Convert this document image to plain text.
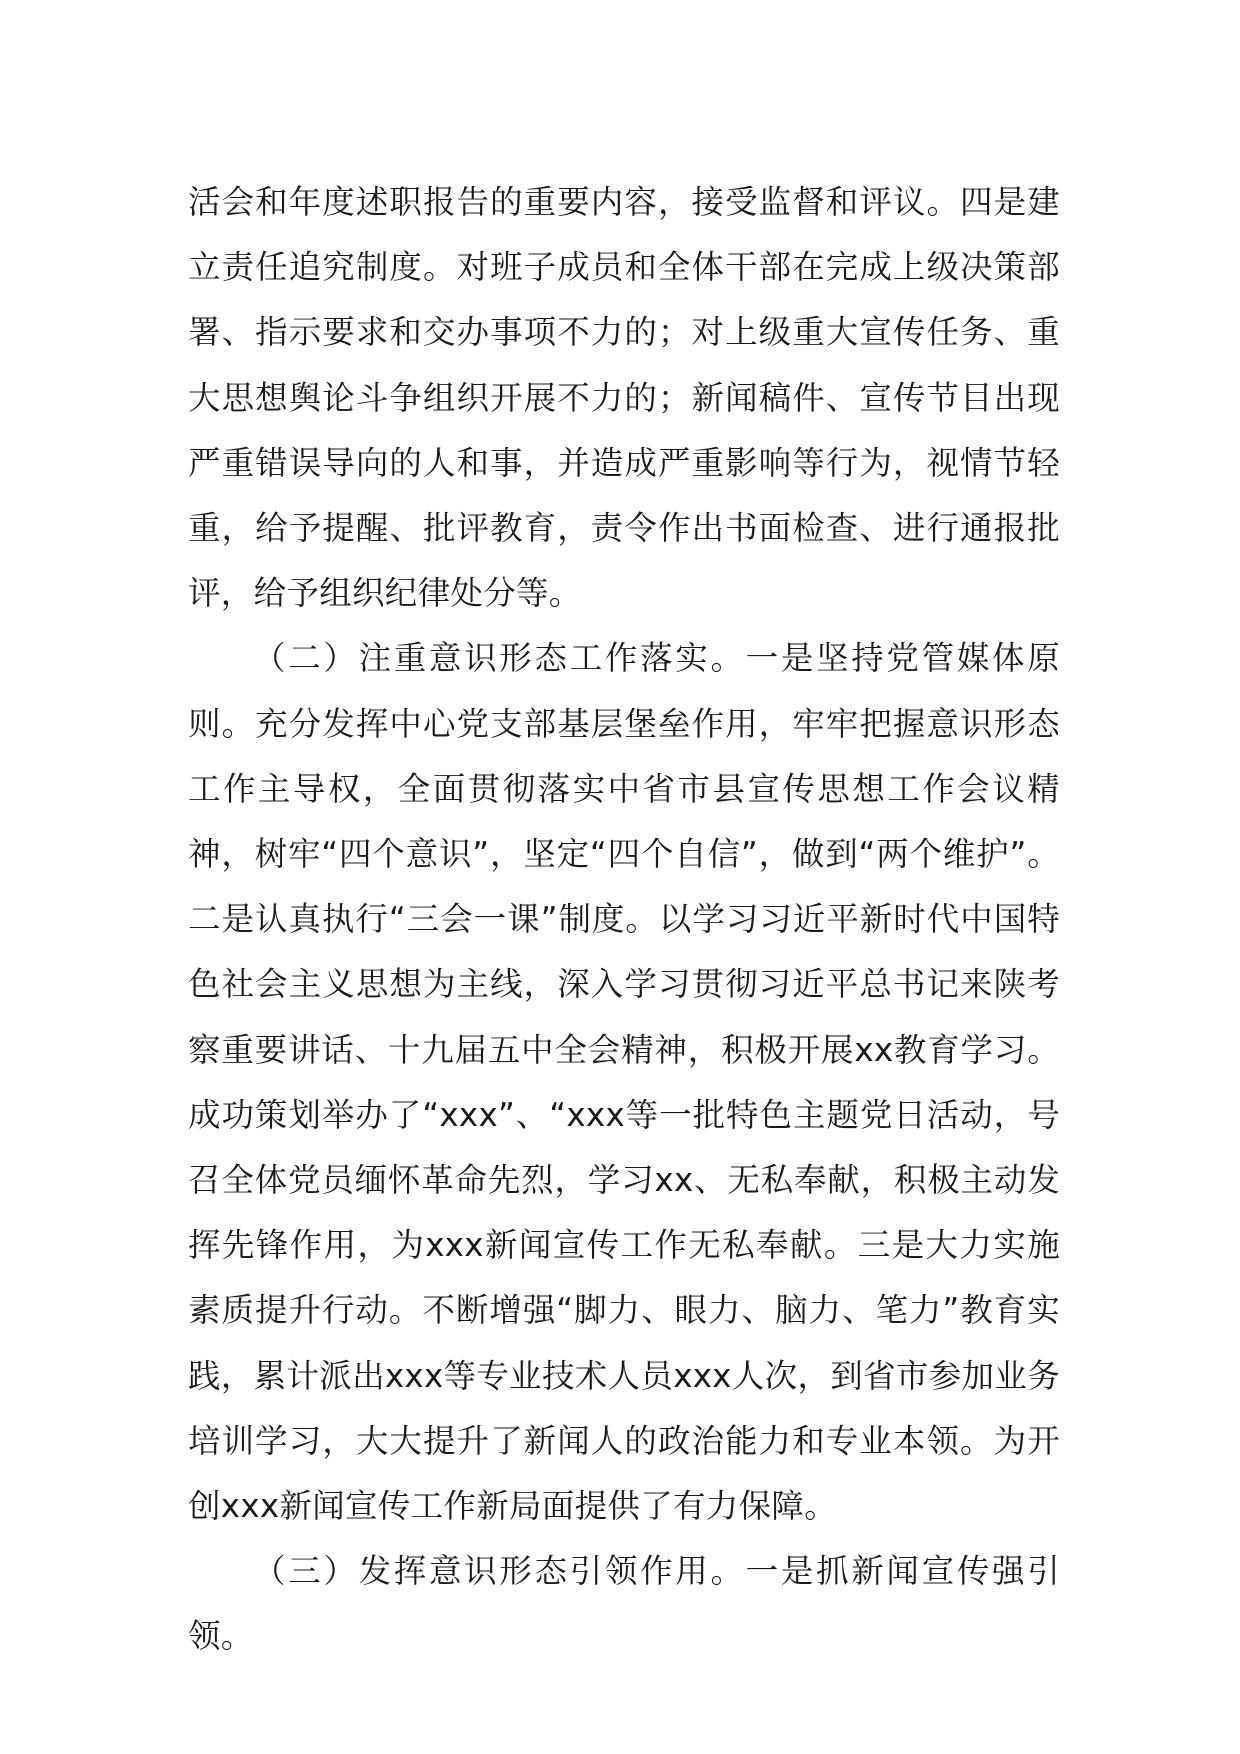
活会和年度述职报告的重要内容，接受监督和评议。四是建立责任追究制度。对班子成员和全体干部在完成上级决策部署、指示要求和交办事项不力的；对上级重大宣传任务、重大思想舆论斗争组织开展不力的；新闻稿件、宣传节目出现严重错误导向的人和事，并造成严重影响等行为，视情节轻重，给予提醒、批评教育，责令作出书面检查、进行通报批评，给予组织纪律处分等。

（二）注重意识形态工作落实。一是坚持党管媒体原则。充分发挥中心党支部基层堡垒作用，牢牢把握意识形态工作主导权，全面贯彻落实中省市县宣传思想工作会议精神，树牢“四个意识”，坚定“四个自信”，做到“两个维护”。二是认真执行“三会一课”制度。以学习习近平新时代中国特色社会主义思想为主线，深入学习贯彻习近平总书记来陕考察重要讲话、十九届五中全会精神，积极开展xx教育学习。成功策划举办了“xxx”、“xxx等一批特色主题党日活动，号召全体党员缅怀革命先烈，学习xx、无私奉献，积极主动发挥先锋作用，为xxx新闻宣传工作无私奉献。三是大力实施素质提升行动。不断增强“脚力、眼力、脑力、笔力”教育实践，累计派出xxx等专业技术人员xxx人次，到省市参加业务培训学习，大大提升了新闻人的政治能力和专业本领。为开创xxx新闻宣传工作新局面提供了有力保障。

（三）发挥意识形态引领作用。一是抓新闻宣传强引领。
